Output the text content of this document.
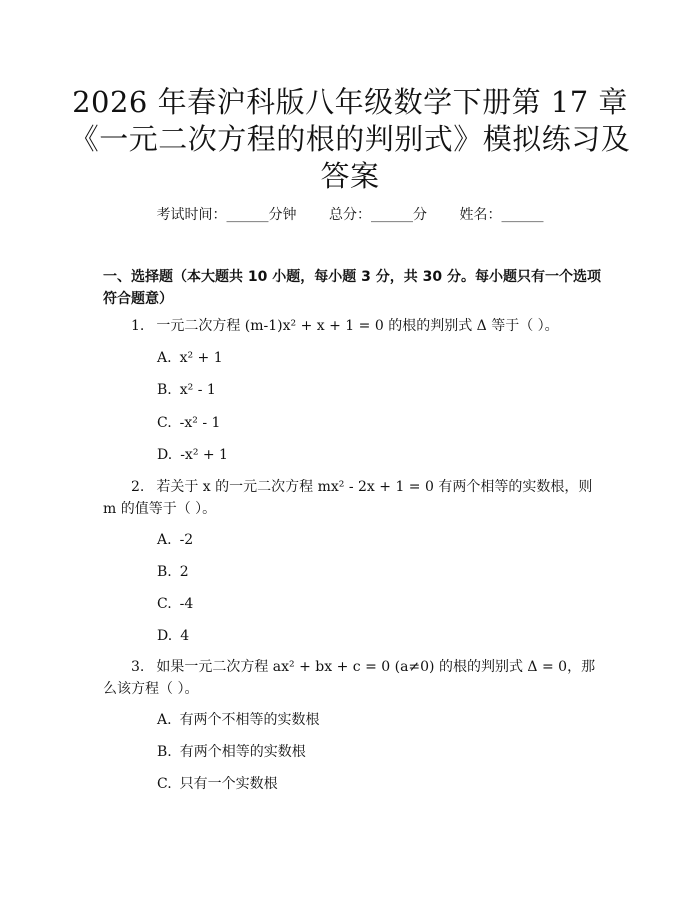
2026 年春沪科版八年级数学下册第 17 章
《一元二次方程的根的判别式》模拟练习及
答案
考试时间：______分钟 总分：______分 姓名：______

一、选择题（本大题共 10 小题，每小题 3 分，共 30 分。每小题只有一个选项符合题意）

1. 一元二次方程 (m-1)x² + x + 1 = 0 的根的判别式 Δ 等于（ ）。

A. x² + 1

B. x² - 1

C. -x² - 1

D. -x² + 1

2. 若关于 x 的一元二次方程 mx² - 2x + 1 = 0 有两个相等的实数根，则 m 的值等于（ ）。

A. -2

B. 2

C. -4

D. 4

3. 如果一元二次方程 ax² + bx + c = 0 (a≠0) 的根的判别式 Δ = 0，那么该方程（ ）。

A. 有两个不相等的实数根

B. 有两个相等的实数根

C. 只有一个实数根
